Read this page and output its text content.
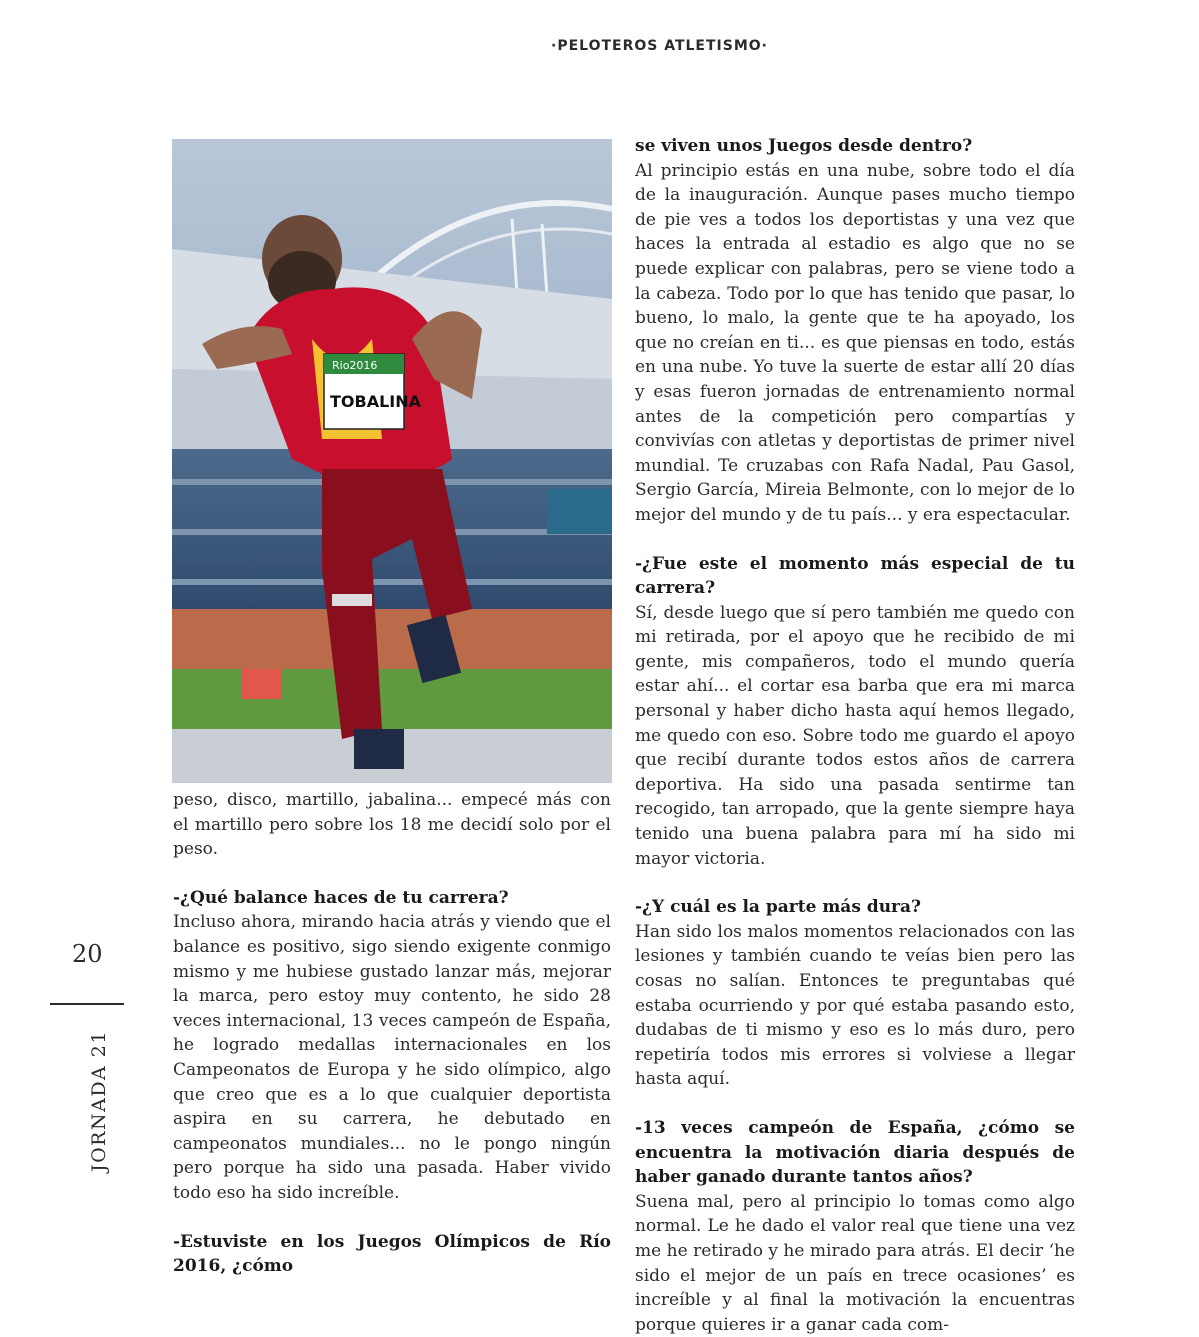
·PELOTEROS ATLETISMO·
Rio2016
TOBALINA

peso, disco, martillo, jabalina... empecé más con el martillo pero sobre los 18 me decidí solo por el peso.

-¿Qué balance haces de tu carrera?

Incluso ahora, mirando hacia atrás y viendo que el balance es positivo, sigo siendo exigente conmigo mismo y me hubiese gustado lanzar más, mejorar la marca, pero estoy muy contento, he sido 28 veces internacional, 13 veces campeón de España, he logrado medallas internacionales en los Campeonatos de Europa y he sido olímpico, algo que creo que es a lo que cualquier deportista aspira en su carrera, he debutado en campeonatos mundiales... no le pongo ningún pero porque ha sido una pasada. Haber vivido todo eso ha sido increíble.

-Estuviste en los Juegos Olímpicos de Río 2016, ¿cómo

se viven unos Juegos desde dentro?

Al principio estás en una nube, sobre todo el día de la inauguración. Aunque pases mucho tiempo de pie ves a todos los deportistas y una vez que haces la entrada al estadio es algo que no se puede explicar con palabras, pero se viene todo a la cabeza. Todo por lo que has tenido que pasar, lo bueno, lo malo, la gente que te ha apoyado, los que no creían en ti... es que piensas en todo, estás en una nube. Yo tuve la suerte de estar allí 20 días y esas fueron jornadas de entrenamiento normal antes de la competición pero compartías y convivías con atletas y deportistas de primer nivel mundial. Te cruzabas con Rafa Nadal, Pau Gasol, Sergio García, Mireia Belmonte, con lo mejor de lo mejor del mundo y de tu país... y era espectacular.

-¿Fue este el momento más especial de tu carrera?

Sí, desde luego que sí pero también me quedo con mi retirada, por el apoyo que he recibido de mi gente, mis compañeros, todo el mundo quería estar ahí... el cortar esa barba que era mi marca personal y haber dicho hasta aquí hemos llegado, me quedo con eso. Sobre todo me guardo el apoyo que recibí durante todos estos años de carrera deportiva. Ha sido una pasada sentirme tan recogido, tan arropado, que la gente siempre haya tenido una buena palabra para mí ha sido mi mayor victoria.

-¿Y cuál es la parte más dura?

Han sido los malos momentos relacionados con las lesiones y también cuando te veías bien pero las cosas no salían. Entonces te preguntabas qué estaba ocurriendo y por qué estaba pasando esto, dudabas de ti mismo y eso es lo más duro, pero repetiría todos mis errores si volviese a llegar hasta aquí.

-13 veces campeón de España, ¿cómo se encuentra la motivación diaria después de haber ganado durante tantos años?

Suena mal, pero al principio lo tomas como algo normal. Le he dado el valor real que tiene una vez me he retirado y he mirado para atrás. El decir ‘he sido el mejor de un país en trece ocasiones’ es increíble y al final la motivación la encuentras porque quieres ir a ganar cada com-

20
JORNADA 21
